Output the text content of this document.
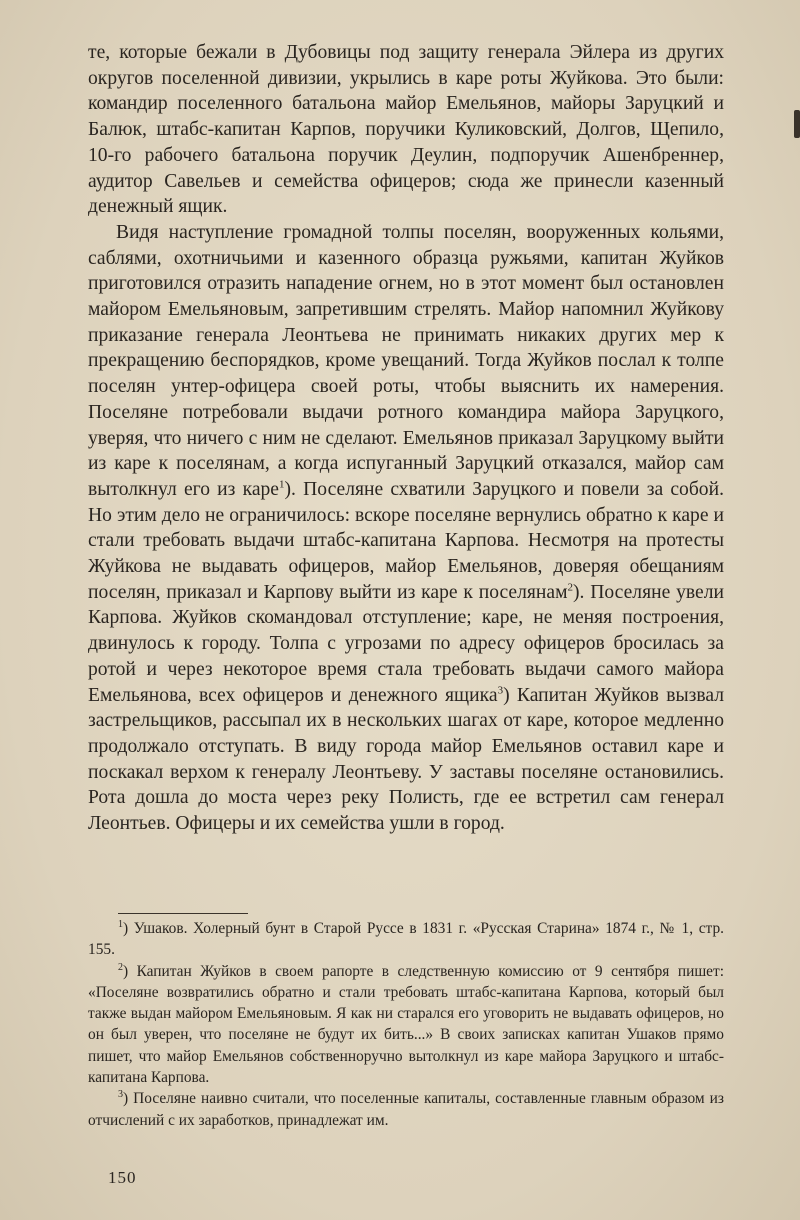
те, которые бежали в Дубовицы под защиту генерала Эйлера из других округов поселенной дивизии, укрылись в каре роты Жуйкова. Это были: командир поселенного батальона майор Емельянов, майоры Заруцкий и Балюк, штабс-капитан Карпов, поручики Куликовский, Долгов, Щепило, 10-го рабочего батальона поручик Деулин, подпоручик Ашенбреннер, аудитор Савельев и семейства офицеров; сюда же принесли казенный денежный ящик.

Видя наступление громадной толпы поселян, вооруженных кольями, саблями, охотничьими и казенного образца ружьями, капитан Жуйков приготовился отразить нападение огнем, но в этот момент был остановлен майором Емельяновым, запретившим стрелять. Майор напомнил Жуйкову приказание генерала Леонтьева не принимать никаких других мер к прекращению беспорядков, кроме увещаний. Тогда Жуйков послал к толпе поселян унтер-офицера своей роты, чтобы выяснить их намерения. Поселяне потребовали выдачи ротного командира майора Заруцкого, уверяя, что ничего с ним не сделают. Емельянов приказал Заруцкому выйти из каре к поселянам, а когда испуганный Заруцкий отказался, майор сам вытолкнул его из каре$^1$). Поселяне схватили Заруцкого и повели за собой. Но этим дело не ограничилось: вскоре поселяне вернулись обратно к каре и стали требовать выдачи штабс-капитана Карпова. Несмотря на протесты Жуйкова не выдавать офицеров, майор Емельянов, доверяя обещаниям поселян, приказал и Карпову выйти из каре к поселянам$^2$). Поселяне увели Карпова. Жуйков скомандовал отступление; каре, не меняя построения, двинулось к городу. Толпа с угрозами по адресу офицеров бросилась за ротой и через некоторое время стала требовать выдачи самого майора Емельянова, всех офицеров и денежного ящика$^3$) Капитан Жуйков вызвал застрельщиков, рассыпал их в нескольких шагах от каре, которое медленно продолжало отступать. В виду города майор Емельянов оставил каре и поскакал верхом к генералу Леонтьеву. У заставы поселяне остановились. Рота дошла до моста через реку Полисть, где ее встретил сам генерал Леонтьев. Офицеры и их семейства ушли в город.

$^1$) Ушаков. Холерный бунт в Старой Руссе в 1831 г. «Русская Старина» 1874 г., № 1, стр. 155.

$^2$) Капитан Жуйков в своем рапорте в следственную комиссию от 9 сентября пишет: «Поселяне возвратились обратно и стали требовать штабс-капитана Карпова, который был также выдан майором Емельяновым. Я как ни старался его уговорить не выдавать офицеров, но он был уверен, что поселяне не будут их бить...» В своих записках капитан Ушаков прямо пишет, что майор Емельянов собственноручно вытолкнул из каре майора Заруцкого и штабс-капитана Карпова.

$^3$) Поселяне наивно считали, что поселенные капиталы, составленные главным образом из отчислений с их заработков, принадлежат им.

150
